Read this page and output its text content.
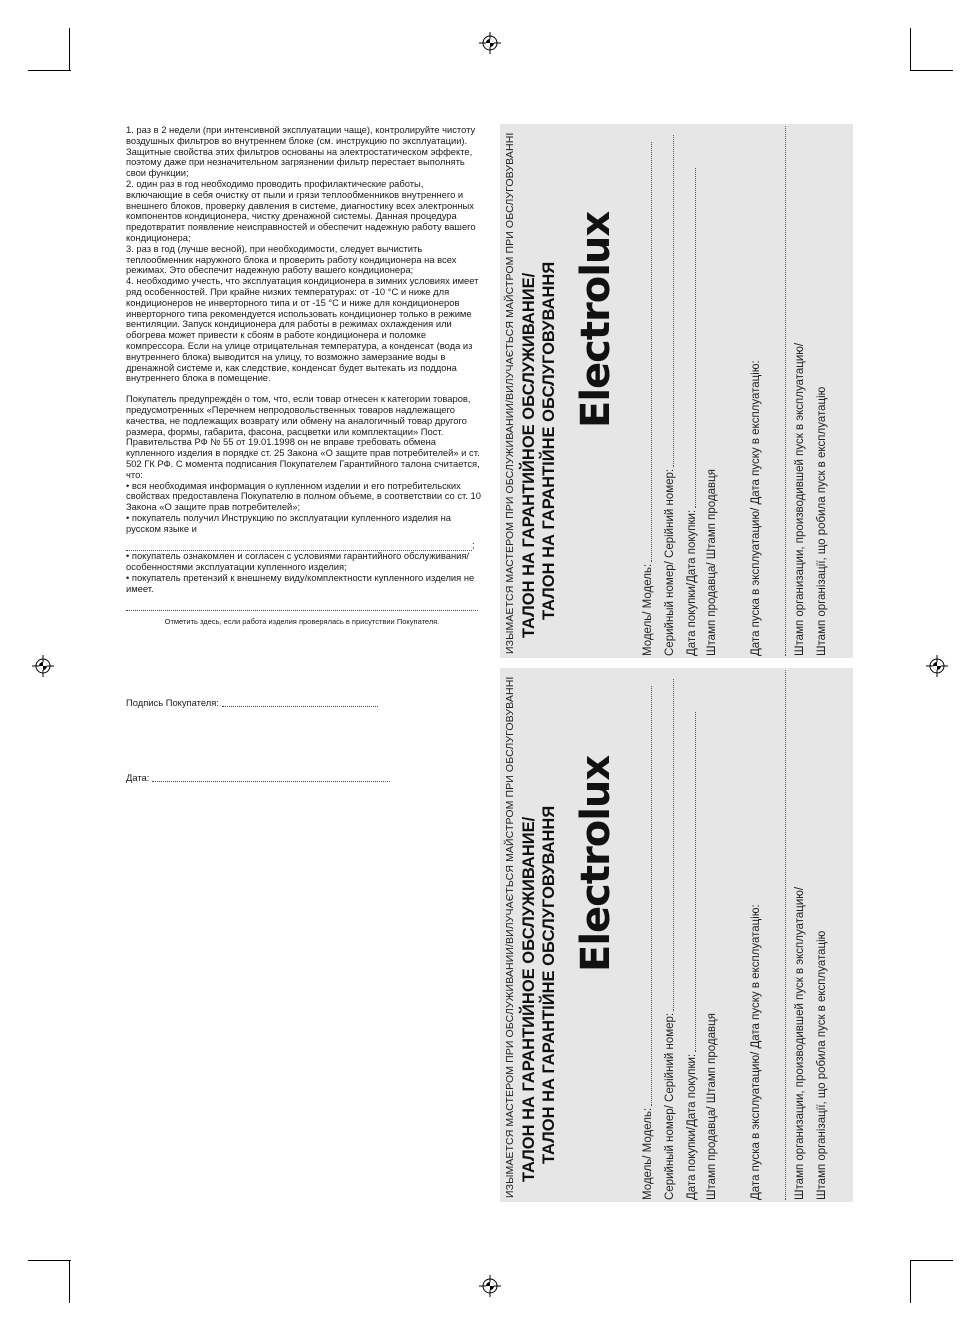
1. раз в 2 недели (при интенсивной эксплуатации чаще), контролируйте чистоту воздушных фильтров во внутреннем блоке (см. инструкцию по эксплуатации).

Защитные свойства этих фильтров основаны на электростатическом эффекте, поэтому даже при незначительном загрязнении фильтр перестает выполнять свои функции;

2. один раз в год необходимо проводить профилактические работы, включающие в себя очистку от пыли и грязи теплообменников внутреннего и внешнего блоков, проверку давления в системе, диагностику всех электронных компонентов кондиционера, чистку дренажной системы. Данная процедура предотвратит появление неисправностей и обеспечит надежную работу вашего кондиционера;

3. раз в год (лучше весной), при необходимости, следует вычистить теплообменник наружного блока и проверить работу кондиционера на всех режимах. Это обеспечит надежную работу вашего кондиционера;

4. необходимо учесть, что эксплуатация кондиционера в зимних условиях имеет ряд особенностей. При крайне низких температурах: от -10 °С и ниже для кондиционеров не инверторного типа и от -15 °С и ниже для кондиционеров инверторного типа рекомендуется использовать кондиционер только в режиме вентиляции. Запуск кондиционера для работы в режимах охлаждения или обогрева может привести к сбоям в работе кондиционера и поломке компрессора. Если на улице отрицательная температура, а конденсат (вода из внутреннего блока) выводится на улицу, то возможно замерзание воды в дренажной системе и, как следствие, конденсат будет вытекать из поддона внутреннего блока в помещение.

Покупатель предупреждён о том, что, если товар отнесен к категории товаров, предусмотренных «Перечнем непродовольственных товаров надлежащего качества, не подлежащих возврату или обмену на аналогичный товар другого размера, формы, габарита, фасона, расцветки или комплектации» Пост. Правительства РФ № 55 от 19.01.1998 он не вправе требовать обмена купленного изделия в порядке ст. 25 Закона «О защите прав потребителей» и ст. 502 ГК РФ. С момента подписания Покупателем Гарантийного талона считается, что:

• вся необходимая информация о купленном изделии и его потребительских свойствах предоставлена Покупателю в полном объеме, в соответствии со ст. 10 Закона «О защите прав потребителей»;

• покупатель получил Инструкцию по эксплуатации купленного изделия на русском языке и

;

• покупатель ознакомлен и согласен с условиями гарантийного обслуживания/особенностями эксплуатации купленного изделия;

• покупатель претензий к внешнему виду/комплектности купленного изделия не имеет.

Отметить здесь, если работа изделия проверялась в присутствии Покупателя.
Подпись Покупателя:
Дата:
ИЗЫМАЕТСЯ МАСТЕРОМ ПРИ ОБСЛУЖИВАНИИ/ВИЛУЧАЄТЬСЯ МАЙСТРОМ ПРИ ОБСЛУГОВУВАННІ ТАЛОН НА ГАРАНТИЙНОЕ ОБСЛУЖИВАНИЕ/ ТАЛОН НА ГАРАНТІЙНЕ ОБСЛУГОВУВАННЯ Electrolux
Модель/ Модель: Серийный номер/ Серійний номер: Дата покупки/Дата покупки: Штамп продавца/ Штамп продавця	Дата пуска в эксплуатацию/ Дата пуску в експлуатацію:	Штамп организации, производившей пуск в эксплуатацию/ Штамп організації, що робила пуск в експлуатацію
ИЗЫМАЕТСЯ МАСТЕРОМ ПРИ ОБСЛУЖИВАНИИ/ВИЛУЧАЄТЬСЯ МАЙСТРОМ ПРИ ОБСЛУГОВУВАННІ ТАЛОН НА ГАРАНТИЙНОЕ ОБСЛУЖИВАНИЕ/ ТАЛОН НА ГАРАНТІЙНЕ ОБСЛУГОВУВАННЯ Electrolux
Модель/ Модель: Серийный номер/ Серійний номер: Дата покупки/Дата покупки: Штамп продавца/ Штамп продавця	Дата пуска в эксплуатацию/ Дата пуску в експлуатацію:	Штамп организации, производившей пуск в эксплуатацию/ Штамп організації, що робила пуск в експлуатацію
